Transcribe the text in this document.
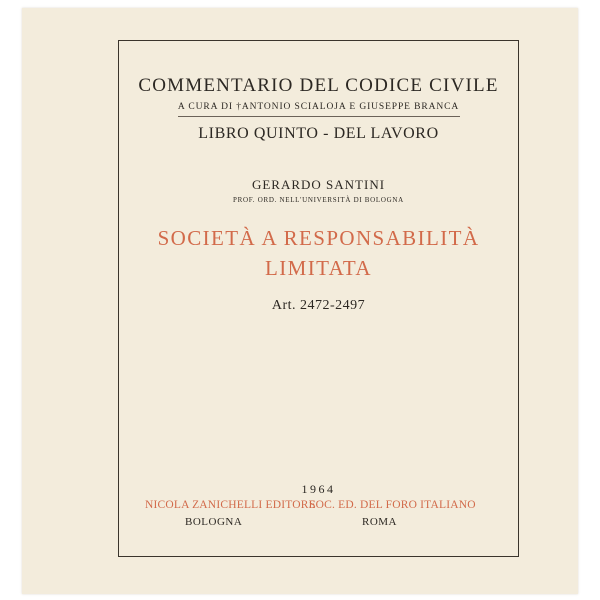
COMMENTARIO DEL CODICE CIVILE
A CURA DI †ANTONIO SCIALOJA E GIUSEPPE BRANCA
LIBRO QUINTO - DEL LAVORO
GERARDO SANTINI
PROF. ORD. NELL'UNIVERSITÀ DI BOLOGNA
SOCIETÀ A RESPONSABILITÀ
LIMITATA
Art. 2472-2497
1964
NICOLA ZANICHELLI EDITORE
SOC. ED. DEL FORO ITALIANO
BOLOGNA	ROMA
